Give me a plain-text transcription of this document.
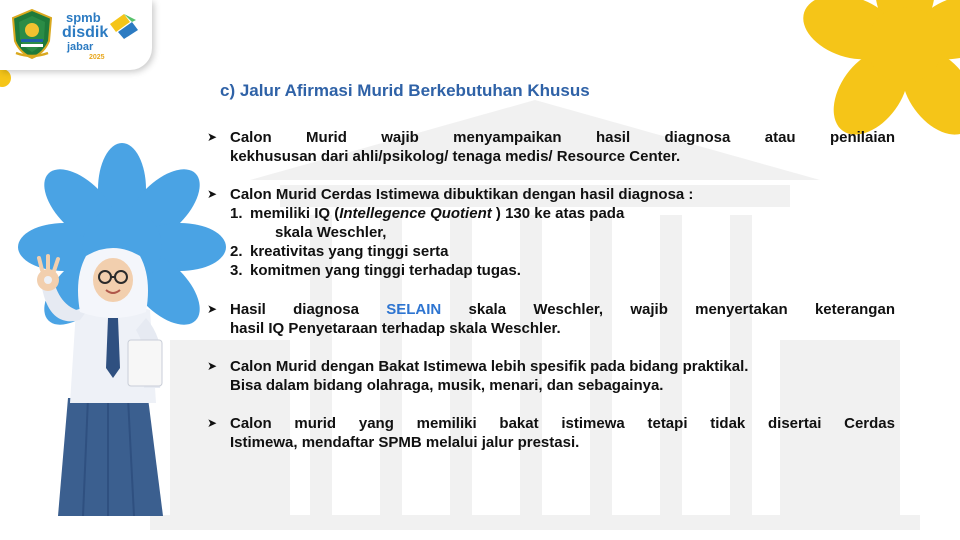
spmb
disdik
jabar
2025
c) Jalur Afirmasi Murid Berkebutuhan Khusus
➤ Calon Murid wajib menyampaikan hasil diagnosa atau penilaian
kekhususan dari ahli/psikolog/ tenaga medis/ Resource Center.
➤ Calon Murid Cerdas Istimewa dibuktikan dengan hasil diagnosa :
1. memiliki IQ (Intellegence Quotient ) 130 ke atas pada
skala Weschler,
2. kreativitas yang tinggi serta
3. komitmen yang tinggi terhadap tugas.
➤ Hasil diagnosa SELAIN skala Weschler, wajib menyertakan keterangan
hasil IQ Penyetaraan terhadap skala Weschler.
➤ Calon Murid dengan Bakat Istimewa lebih spesifik pada bidang praktikal.
Bisa dalam bidang olahraga, musik, menari, dan sebagainya.
➤ Calon murid yang memiliki bakat istimewa tetapi tidak disertai Cerdas
Istimewa, mendaftar SPMB melalui jalur prestasi.
